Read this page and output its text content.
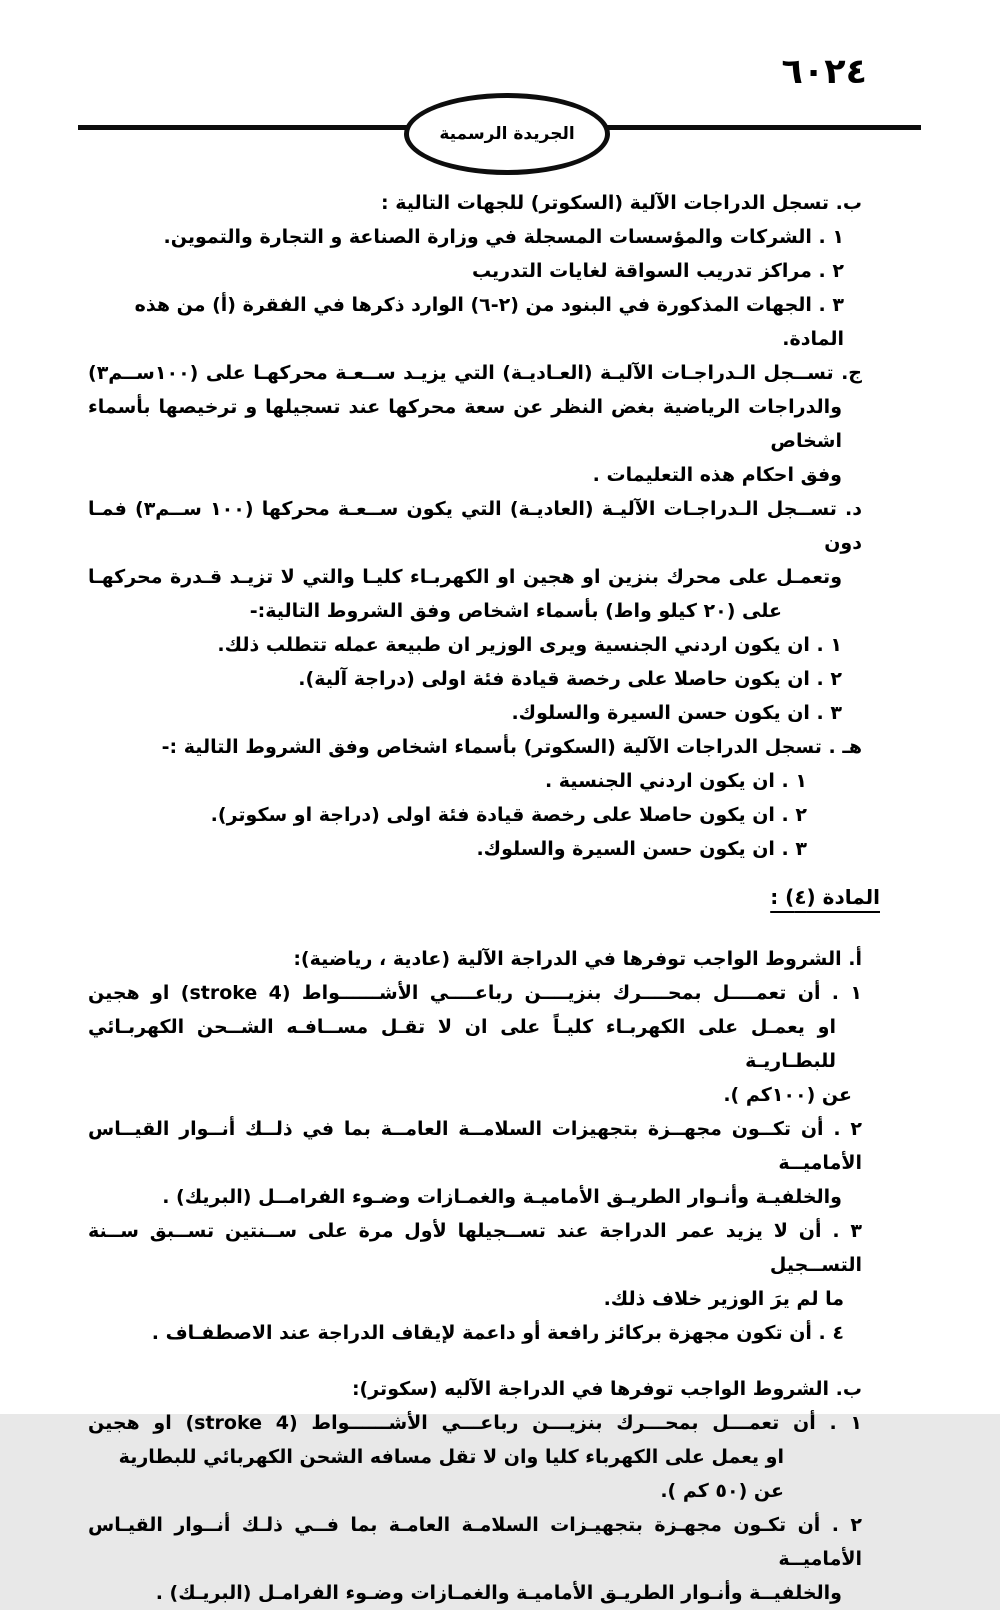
٦٠٢٤
الجريدة الرسمية
ب. تسجل الدراجات الآلية (السكوتر) للجهات التالية :
١ . الشركات والمؤسسات المسجلة في وزارة الصناعة و التجارة والتموين.
٢ . مراكز تدريب السواقة لغايات التدريب
٣ . الجهات المذكورة في البنود من (٢-٦) الوارد ذكرها في الفقرة (أ) من هذه المادة.
ج. تســجل الـدراجـات الآليـة (العـاديـة) التي يزيـد ســعـة محركهـا على (١٠٠ســم٣)
والدراجات الرياضية بغض النظر عن سعة محركها عند تسجيلها و ترخيصها بأسماء اشخاص
وفق احكام هذه التعليمات .
د. تســجل الـدراجـات الآليـة (العاديـة) التي يكون ســعـة محركها (١٠٠ ســم٣) فمـا دون
وتعمـل على محرك بنزين او هجين او الكهربـاء كليـا والتي لا تزيـد قـدرة محركهـا
على (٢٠ كيلو واط) بأسماء اشخاص وفق الشروط التالية:-
١ . ان يكون اردني الجنسية ويرى الوزير ان طبيعة عمله تتطلب ذلك.
٢ . ان يكون حاصلا على رخصة قيادة فئة اولى (دراجة آلية).
٣ . ان يكون حسن السيرة والسلوك.
هـ . تسجل الدراجات الآلية (السكوتر) بأسماء اشخاص وفق الشروط التالية :-
١ . ان يكون اردني الجنسية .
٢ . ان يكون حاصلا على رخصة قيادة فئة اولى (دراجة او سكوتر).
٣ . ان يكون حسن السيرة والسلوك.
المادة (٤) :
أ. الشروط الواجب توفرها في الدراجة الآلية (عادية ، رياضية):
١ . أن تعمــــل بمحــــرك بنزيــــن رباعــــي الأشــــــواط (4 stroke) او هجين
او يعمـل على الكهربـاء كليـاً على ان لا تقـل مســافـه الشــحن الكهربـائي للبطـاريـة
عن (١٠٠كم ).
٢ . أن تكــون مجهــزة بتجهيزات السلامــة العامــة بما في ذلــك أنــوار القيــاس الأماميــة
والخلفيـة وأنـوار الطريـق الأماميـة والغمـازات وضـوء الفرامــل (البريك) .
٣ . أن لا يزيد عمر الدراجة عند تســجيلها لأول مرة على ســنتين تســبق ســنة التســجيل
ما لم يرَ الوزير خلاف ذلك.
٤ . أن تكون مجهزة بركائز رافعة أو داعمة لإيقاف الدراجة عند الاصطفـاف .
ب. الشروط الواجب توفرها في الدراجة الآليه (سكوتر):
١ . أن تعمـــل بمحـــرك بنزيـــن رباعـــي الأشــــــواط (4 stroke) او هجين
او يعمل على الكهرباء كليا وان لا تقل مسافه الشحن الكهربائي للبطارية عن (٥٠ كم ).
٢ . أن تكـون مجهـزة بتجهيـزات السلامـة العامـة بما فــي ذلـك أنــوار القيـاس الأماميــة
والخلفيــة وأنـوار الطريـق الأماميـة والغمـازات وضـوء الفرامـل (البريـك) .
